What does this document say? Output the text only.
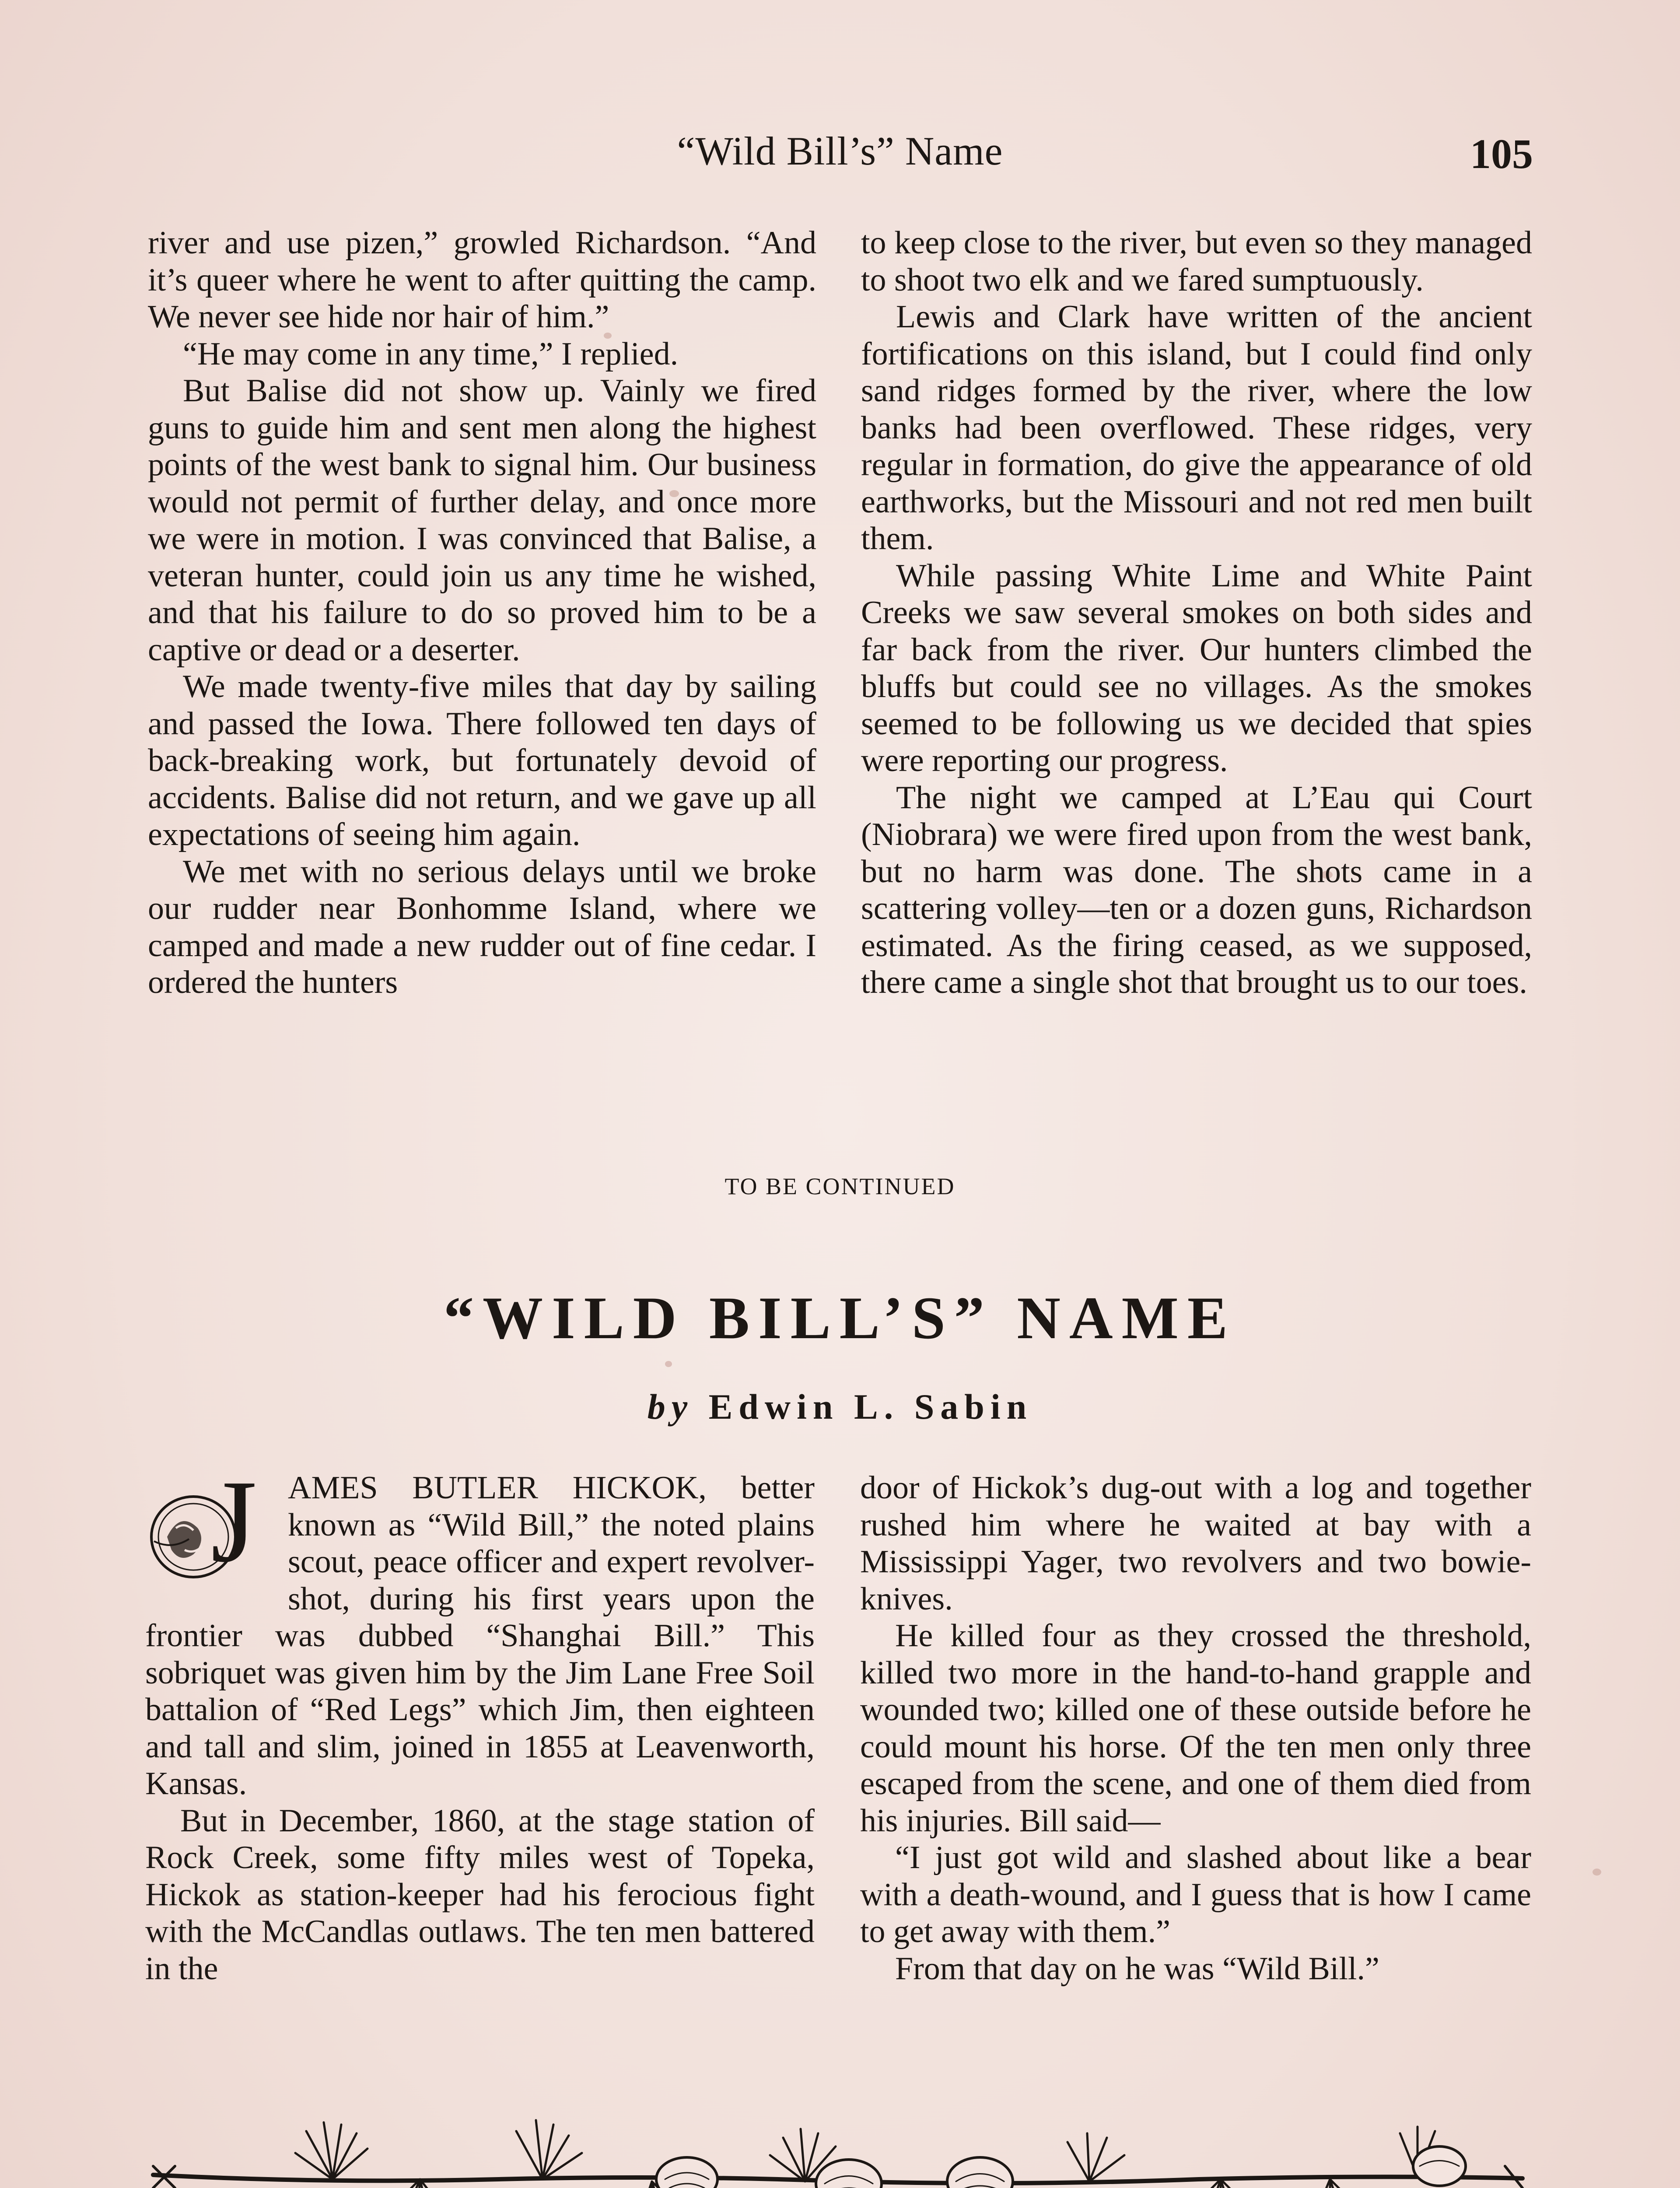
“Wild Bill’s” Name	105

river and use pizen,” growled Richardson. “And it’s queer where he went to after quitting the camp. We never see hide nor hair of him.”

“He may come in any time,” I replied.

But Balise did not show up. Vainly we fired guns to guide him and sent men along the highest points of the west bank to signal him. Our business would not permit of further delay, and once more we were in motion. I was convinced that Balise, a veteran hunter, could join us any time he wished, and that his failure to do so proved him to be a captive or dead or a deserter.

We made twenty-five miles that day by sailing and passed the Iowa. There followed ten days of back-breaking work, but fortunately devoid of accidents. Balise did not return, and we gave up all expectations of seeing him again.

We met with no serious delays until we broke our rudder near Bonhomme Island, where we camped and made a new rudder out of fine cedar. I ordered the hunters

to keep close to the river, but even so they managed to shoot two elk and we fared sumptuously.

Lewis and Clark have written of the ancient fortifications on this island, but I could find only sand ridges formed by the river, where the low banks had been overflowed. These ridges, very regular in formation, do give the appearance of old earthworks, but the Missouri and not red men built them.

While passing White Lime and White Paint Creeks we saw several smokes on both sides and far back from the river. Our hunters climbed the bluffs but could see no villages. As the smokes seemed to be following us we decided that spies were reporting our progress.

The night we camped at L’Eau qui Court (Niobrara) we were fired upon from the west bank, but no harm was done. The shots came in a scattering volley—ten or a dozen guns, Richardson estimated. As the firing ceased, as we supposed, there came a single shot that brought us to our toes.

TO BE CONTINUED
“WILD BILL’S” NAME
by Edwin L. Sabin
J AMES BUTLER HICKOK, better known as “Wild Bill,” the noted plains scout, peace officer and expert revolver-shot, during his first years upon the frontier was dubbed “Shanghai Bill.” This sobriquet was given him by the Jim Lane Free Soil battalion of “Red Legs” which Jim, then eighteen and tall and slim, joined in 1855 at Leavenworth, Kansas.

But in December, 1860, at the stage station of Rock Creek, some fifty miles west of Topeka, Hickok as station-keeper had his ferocious fight with the McCandlas outlaws. The ten men battered in the

door of Hickok’s dug-out with a log and together rushed him where he waited at bay with a Mississippi Yager, two revolvers and two bowie-knives.

He killed four as they crossed the threshold, killed two more in the hand-to-hand grapple and wounded two; killed one of these outside before he could mount his horse. Of the ten men only three escaped from the scene, and one of them died from his injuries. Bill said—

“I just got wild and slashed about like a bear with a death-wound, and I guess that is how I came to get away with them.”

From that day on he was “Wild Bill.”
